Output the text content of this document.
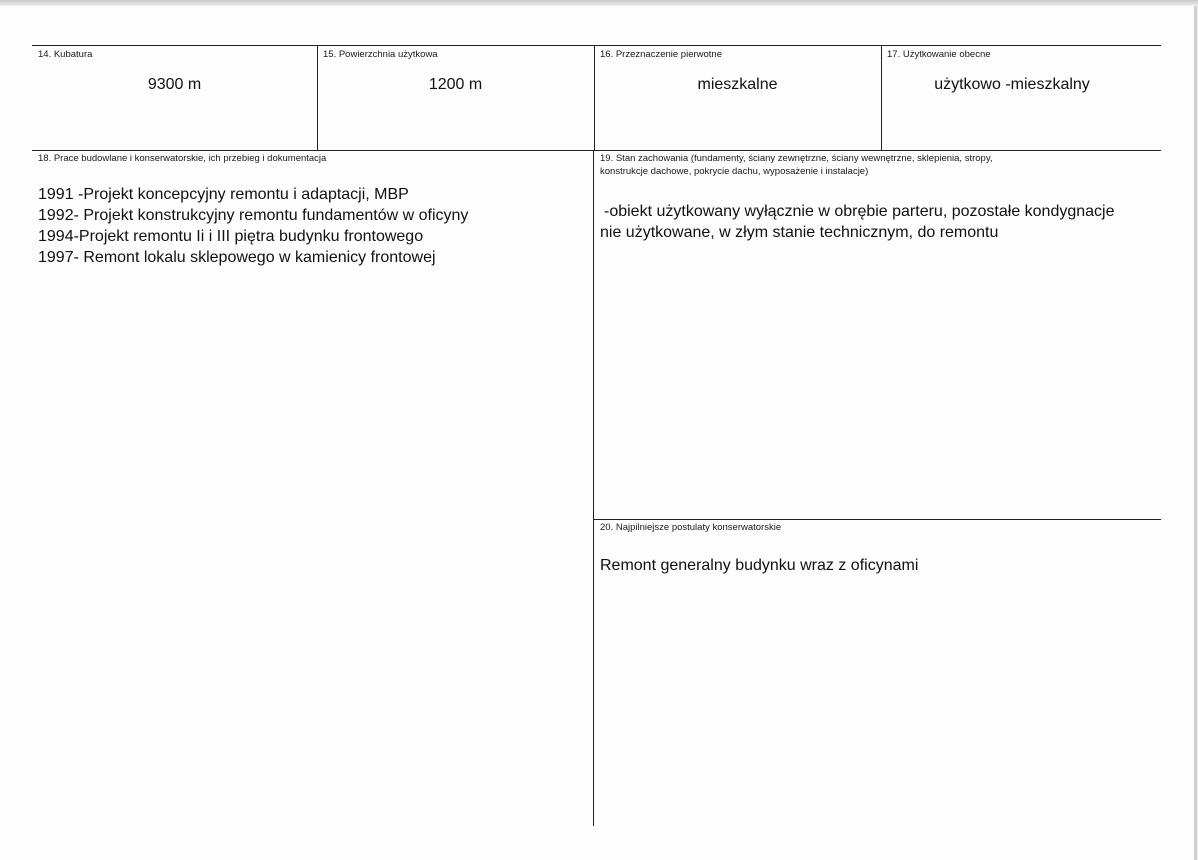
14. Kubatura
9300 m
15. Powierzchnia użytkowa
1200 m
16. Przeznaczenie pierwotne
mieszkalne
17. Użytkowanie obecne
użytkowo -mieszkalny
18. Prace budowlane i konserwatorskie, ich przebieg i dokumentacja
1991 -Projekt koncepcyjny remontu i adaptacji, MBP
1992- Projekt konstrukcyjny remontu fundamentów w oficyny
1994-Projekt remontu Ii i III piętra budynku frontowego
1997- Remont lokalu sklepowego w kamienicy frontowej
19. Stan zachowania (fundamenty, ściany zewnętrzne, ściany wewnętrzne, sklepienia, stropy,
konstrukcje dachowe, pokrycie dachu, wyposażenie i instalacje)
-obiekt użytkowany wyłącznie w obrębie parteru, pozostałe kondygnacje
nie użytkowane, w złym stanie technicznym, do remontu
20. Najpilniejsze postulaty konserwatorskie
Remont generalny budynku wraz z oficynami
